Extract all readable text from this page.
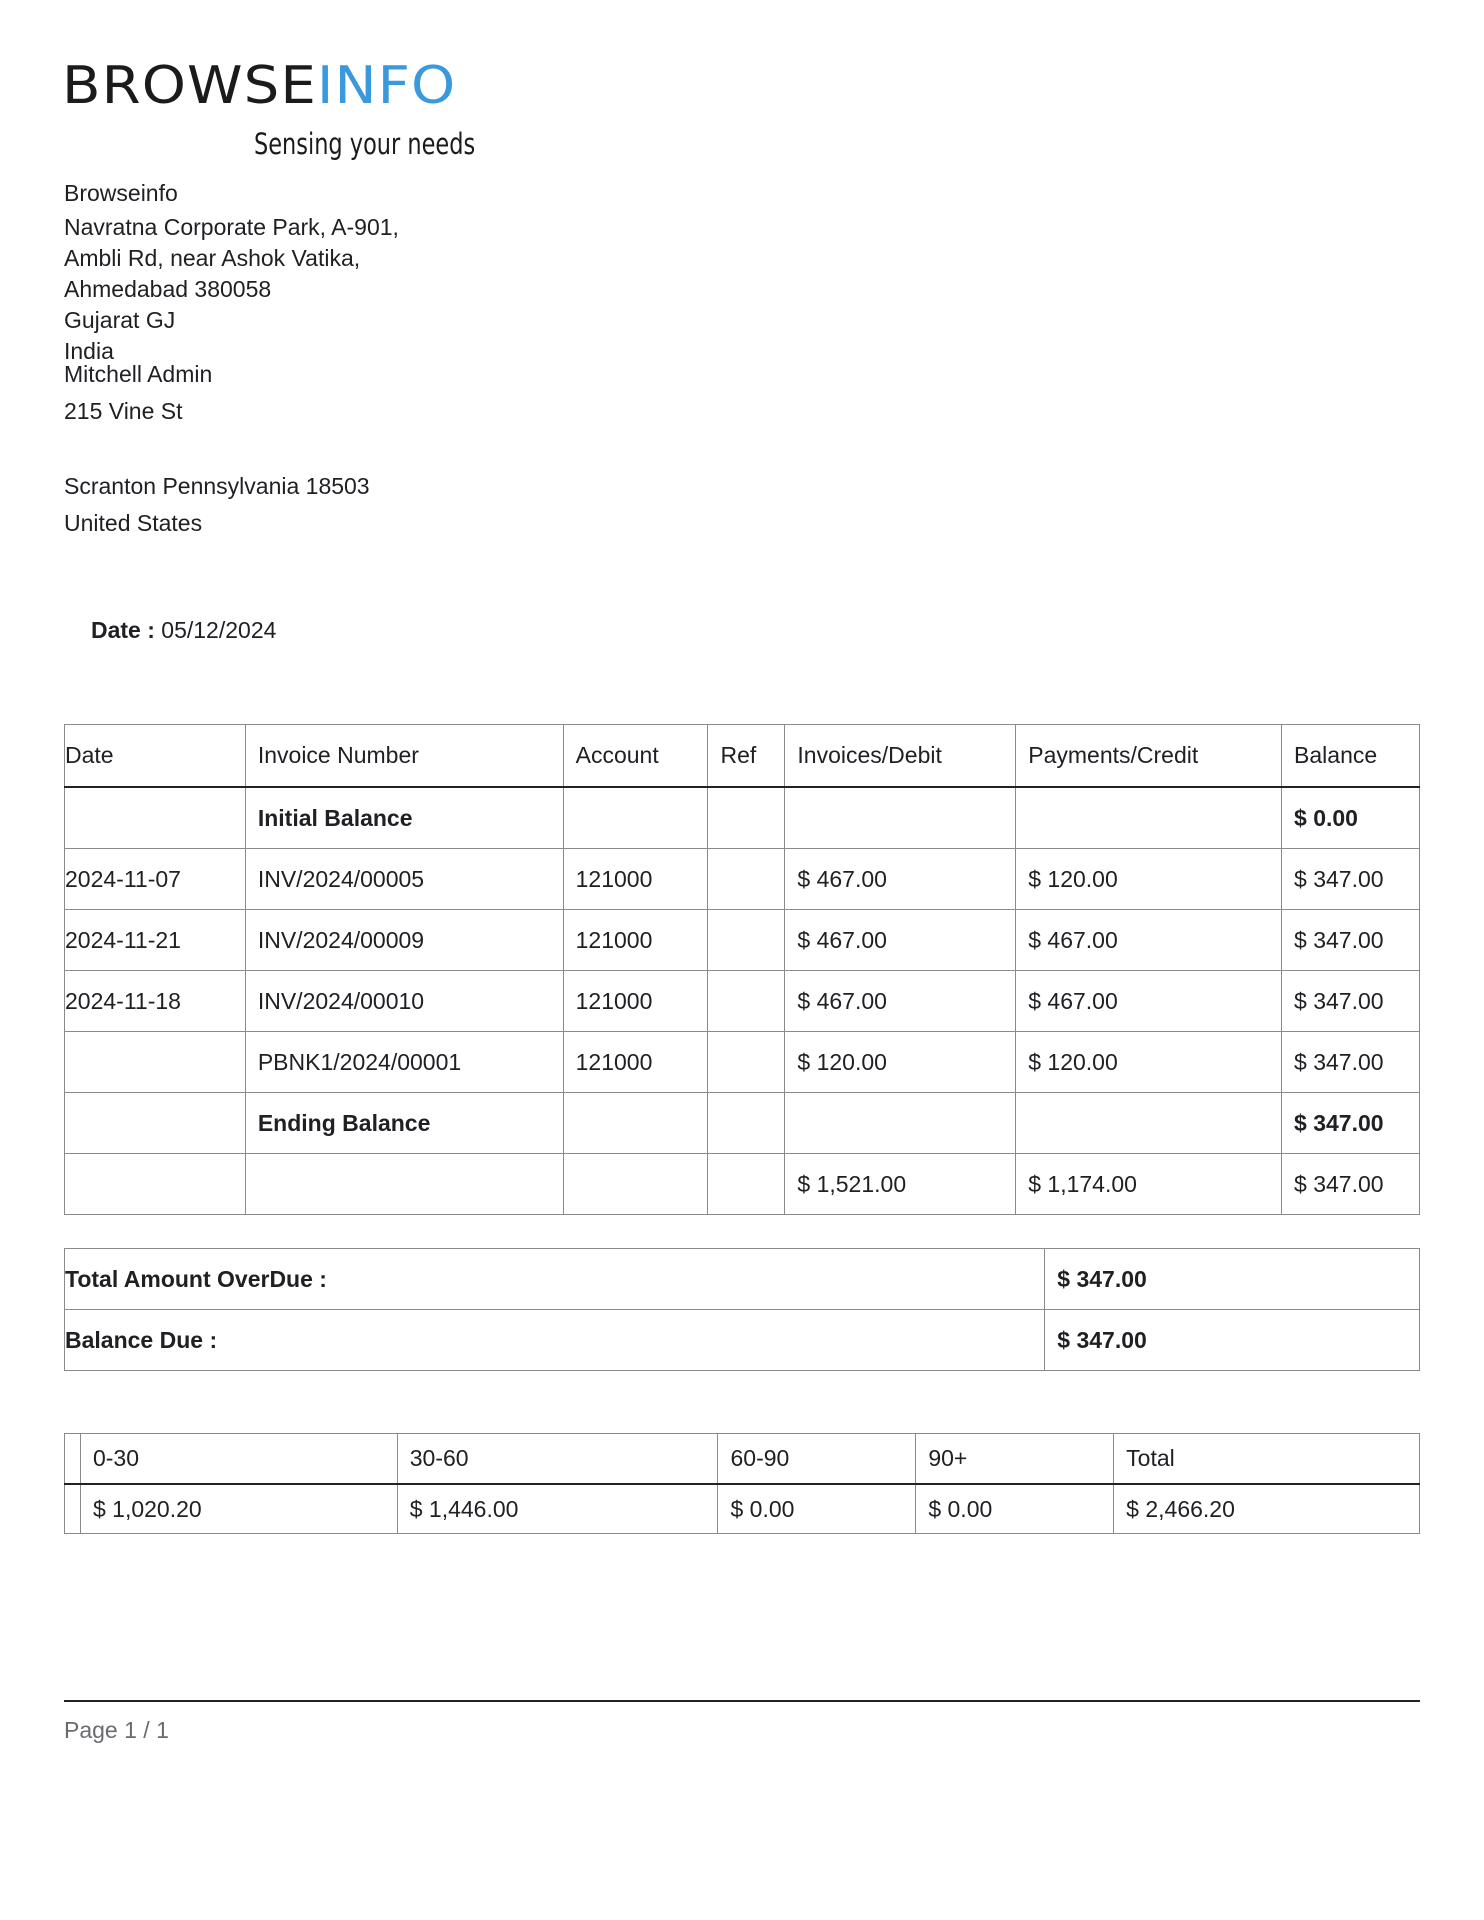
BROWSEINFO
Sensing your needs
Browseinfo
Navratna Corporate Park, A-901,
Ambli Rd, near Ashok Vatika,
Ahmedabad 380058
Gujarat GJ
India
Mitchell Admin
215 Vine St
Scranton Pennsylvania 18503
United States
Date : 05/12/2024
Date	Invoice Number	Account	Ref	Invoices/Debit	Payments/Credit	Balance
	Initial Balance					$ 0.00
2024-11-07	INV/2024/00005	121000		$ 467.00	$ 120.00	$ 347.00
2024-11-21	INV/2024/00009	121000		$ 467.00	$ 467.00	$ 347.00
2024-11-18	INV/2024/00010	121000		$ 467.00	$ 467.00	$ 347.00
	PBNK1/2024/00001	121000		$ 120.00	$ 120.00	$ 347.00
	Ending Balance					$ 347.00
				$ 1,521.00	$ 1,174.00	$ 347.00
Total Amount OverDue :	$ 347.00
Balance Due :	$ 347.00
	0-30	30-60	60-90	90+	Total
	$ 1,020.20	$ 1,446.00	$ 0.00	$ 0.00	$ 2,466.20
Page 1 / 1
